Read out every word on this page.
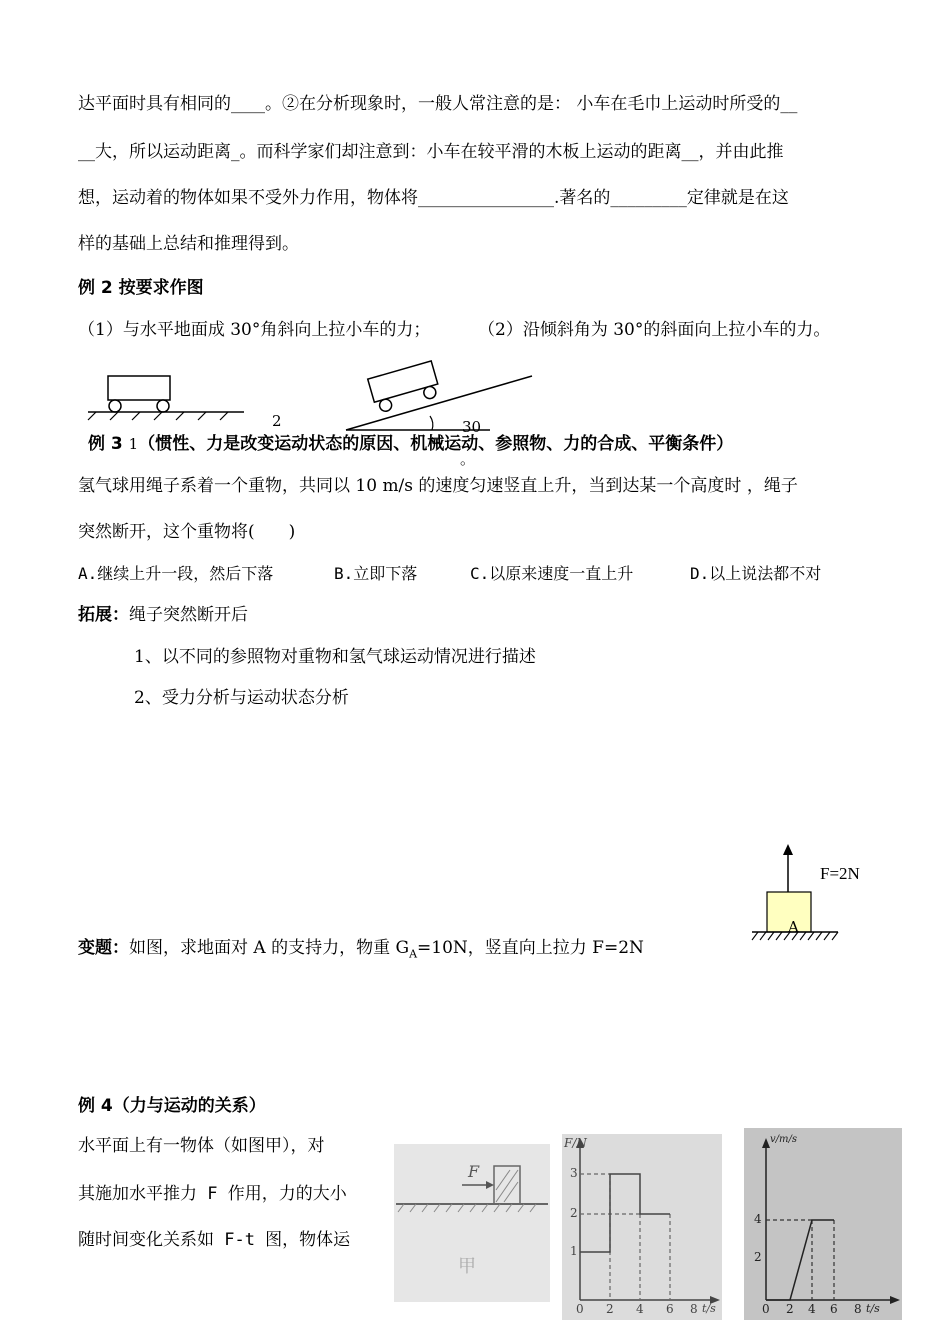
达平面时具有相同的____。②在分析现象时，一般人常注意的是： 小车在毛巾上运动时所受的__
__大，所以运动距离_。而科学家们却注意到：小车在较平滑的木板上运动的距离__，并由此推
想，运动着的物体如果不受外力作用，物体将________________.著名的_________定律就是在这
样的基础上总结和推理得到。
例 2 按要求作图
（1）与水平地面成 30°角斜向上拉小车的力；	（2）沿倾斜角为 30°的斜面向上拉小车的力。
2	30
。
例 3 1（惯性、力是改变运动状态的原因、机械运动、参照物、力的合成、平衡条件）
氢气球用绳子系着一个重物，共同以 10 m/s 的速度匀速竖直上升，当到达某一个高度时 ，绳子
突然断开，这个重物将(　　)
A.继续上升一段，然后下落	B.立即下落	C.以原来速度一直上升	D.以上说法都不对
拓展：绳子突然断开后
1、以不同的参照物对重物和氢气球运动情况进行描述
2、受力分析与运动状态分析
F=2N
A
变题：如图，求地面对 A 的支持力，物重 $G_A=10N$，竖直向上拉力 F=2N
例 4（力与运动的关系）
水平面上有一物体（如图甲），对
其施加水平推力 F 作用，力的大小
随时间变化关系如 F-t 图，物体运
F
甲
F/N
3
2
1
0 2 4 6 8 t/s
v/m/s
4
2
0 2 4 6 8 t/s
